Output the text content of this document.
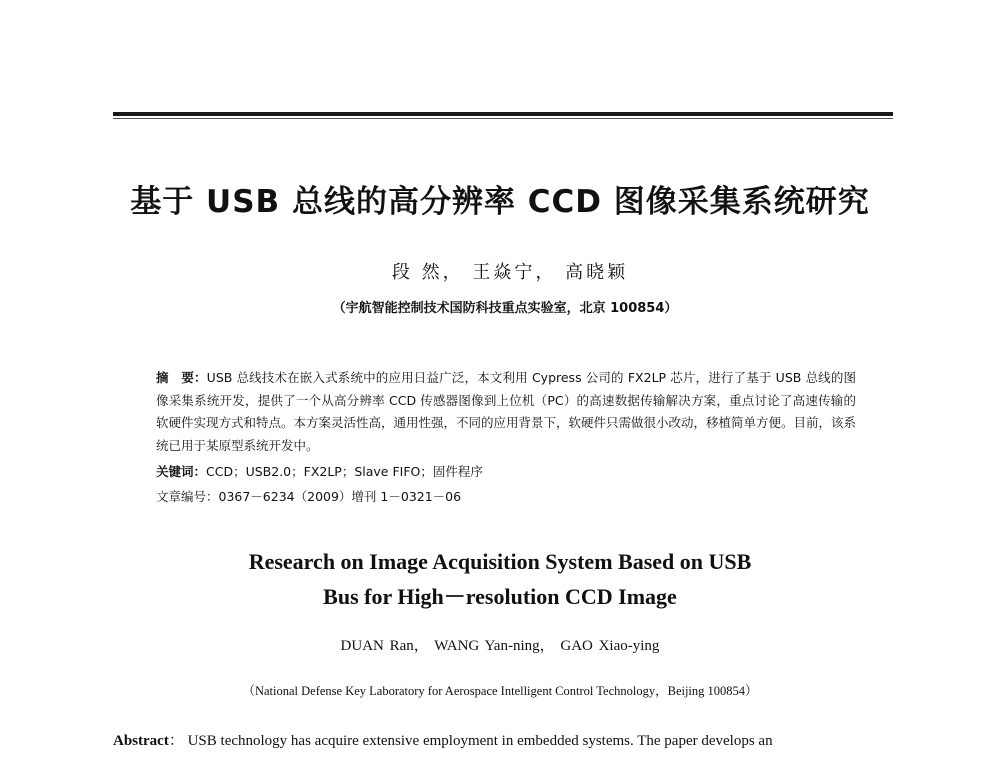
基于 USB 总线的高分辨率 CCD 图像采集系统研究
段 然， 王焱宁， 高晓颖
（宇航智能控制技术国防科技重点实验室，北京 100854）
摘　要：USB 总线技术在嵌入式系统中的应用日益广泛，本文利用 Cypress 公司的 FX2LP 芯片，进行了基于 USB 总线的图像采集系统开发，提供了一个从高分辨率 CCD 传感器图像到上位机（PC）的高速数据传输解决方案，重点讨论了高速传输的软硬件实现方式和特点。本方案灵活性高，通用性强，不同的应用背景下，软硬件只需做很小改动，移植简单方便。目前，该系统已用于某原型系统开发中。
关键词：CCD；USB2.0；FX2LP；Slave FIFO；固件程序
文章编号：0367－6234（2009）增刊 1－0321－06
Research on Image Acquisition System Based on USB
Bus for High－resolution CCD Image
DUAN Ran， WANG Yan-ning， GAO Xiao-ying
（National Defense Key Laboratory for Aerospace Intelligent Control Technology，Beijing 100854）
Abstract： USB technology has acquire extensive employment in embedded systems. The paper develops an
